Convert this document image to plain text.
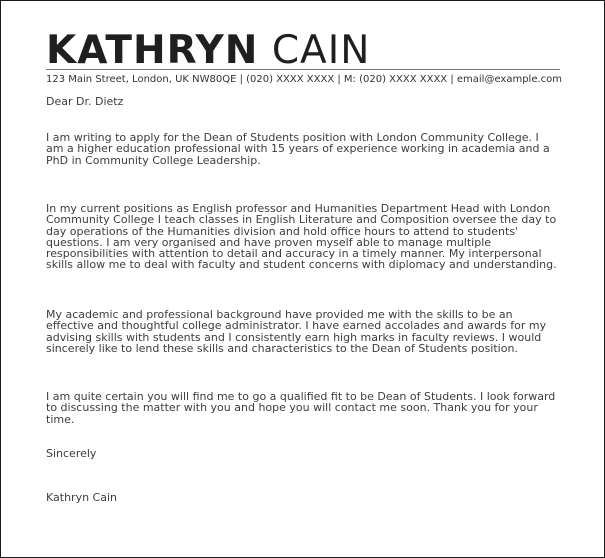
KATHRYN CAIN
123 Main Street, London, UK NW80QE | (020) XXXX XXXX | M: (020) XXXX XXXX | email@example.com

Dear Dr. Dietz

I am writing to apply for the Dean of Students position with London Community College. I am a higher education professional with 15 years of experience working in academia and a PhD in Community College Leadership.

In my current positions as English professor and Humanities Department Head with London Community College I teach classes in English Literature and Composition oversee the day to day operations of the Humanities division and hold office hours to attend to students' questions. I am very organised and have proven myself able to manage multiple responsibilities with attention to detail and accuracy in a timely manner. My interpersonal skills allow me to deal with faculty and student concerns with diplomacy and understanding.

My academic and professional background have provided me with the skills to be an effective and thoughtful college administrator. I have earned accolades and awards for my advising skills with students and I consistently earn high marks in faculty reviews. I would sincerely like to lend these skills and characteristics to the Dean of Students position.

I am quite certain you will find me to go a qualified fit to be Dean of Students. I look forward to discussing the matter with you and hope you will contact me soon. Thank you for your time.

Sincerely

Kathryn Cain
